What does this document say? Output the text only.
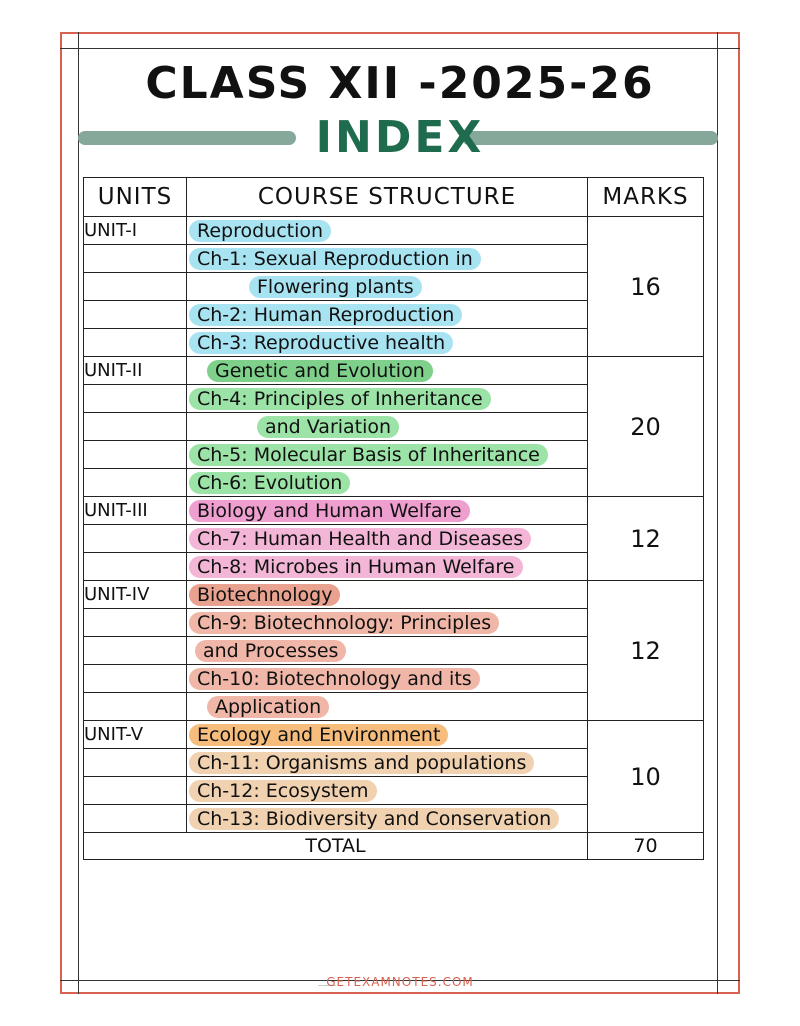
CLASS XII -2025-26
INDEX
UNITS	COURSE STRUCTURE	MARKS
UNIT-I	Reproduction	16
	Ch-1: Sexual Reproduction in	
	Flowering plants	
	Ch-2: Human Reproduction	
	Ch-3: Reproductive health	
UNIT-II	Genetic and Evolution	20
	Ch-4: Principles of Inheritance	
	and Variation	
	Ch-5: Molecular Basis of Inheritance	
	Ch-6: Evolution	
UNIT-III	Biology and Human Welfare	12
	Ch-7: Human Health and Diseases	
	Ch-8: Microbes in Human Welfare	
UNIT-IV	Biotechnology	12
	Ch-9: Biotechnology: Principles	
	and Processes	
	Ch-10: Biotechnology and its	
	Application	
UNIT-V	Ecology and Environment	10
	Ch-11: Organisms and populations	
	Ch-12: Ecosystem	
	Ch-13: Biodiversity and Conservation	
TOTAL		70
GETEXAMNOTES.COM
